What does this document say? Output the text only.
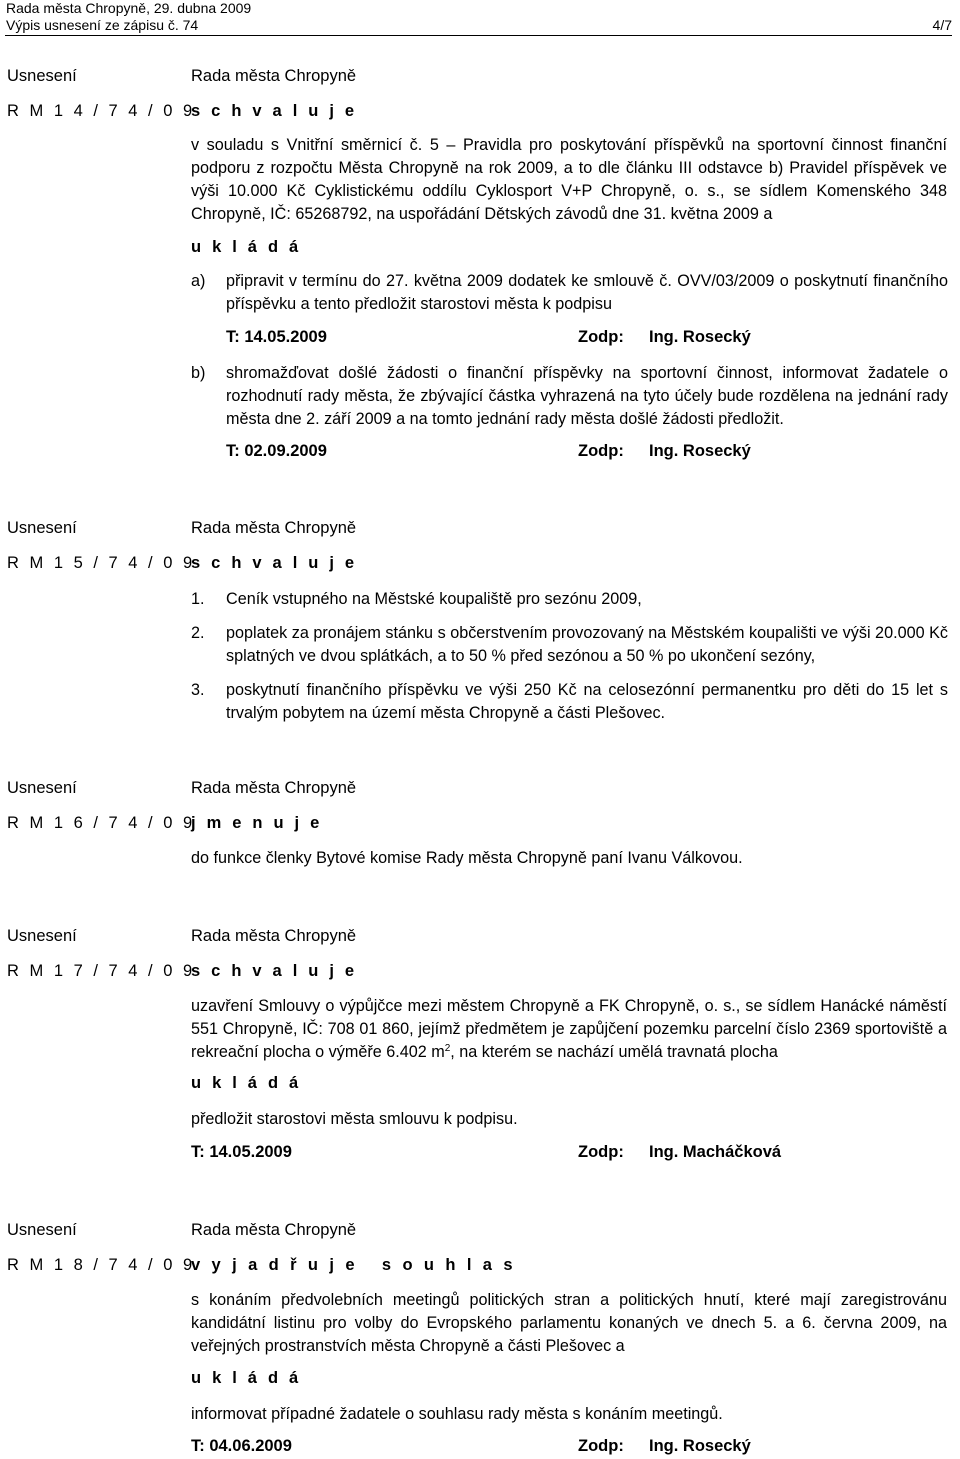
Rada města Chropyně, 29. dubna 2009
Výpis usnesení ze zápisu č. 74	4/7
Usnesení	Rada města Chropyně
R M 1 4 / 7 4 / 0 9
s c h v a l u j e
v souladu s Vnitřní směrnicí č. 5 – Pravidla pro poskytování příspěvků na sportovní činnost finanční podporu z rozpočtu Města Chropyně na rok 2009, a to dle článku III odstavce b) Pravidel příspěvek ve výši 10.000 Kč Cyklistickému oddílu Cyklosport V+P Chropyně, o. s., se sídlem Komenského 348 Chropyně, IČ: 65268792, na uspořádání Dětských závodů dne 31. května 2009 a
u k l á d á
a) připravit v termínu do 27. května 2009 dodatek ke smlouvě č. OVV/03/2009 o poskytnutí finančního příspěvku a tento předložit starostovi města k podpisu
T: 14.05.2009	Zodp: Ing. Rosecký
b) shromažďovat došlé žádosti o finanční příspěvky na sportovní činnost, informovat žadatele o rozhodnutí rady města, že zbývající částka vyhrazená na tyto účely bude rozdělena na jednání rady města dne 2. září 2009 a na tomto jednání rady města došlé žádosti předložit.
T: 02.09.2009	Zodp: Ing. Rosecký
Usnesení	Rada města Chropyně
R M 1 5 / 7 4 / 0 9
s c h v a l u j e
1. Ceník vstupného na Městské koupaliště pro sezónu 2009,
2. poplatek za pronájem stánku s občerstvením provozovaný na Městském koupališti ve výši 20.000 Kč splatných ve dvou splátkách, a to 50 % před sezónou a 50 % po ukončení sezóny,
3. poskytnutí finančního příspěvku ve výši 250 Kč na celosezónní permanentku pro děti do 15 let s trvalým pobytem na území města Chropyně a části Plešovec.
Usnesení	Rada města Chropyně
R M 1 6 / 7 4 / 0 9
j m e n u j e
do funkce členky Bytové komise Rady města Chropyně paní Ivanu Válkovou.
Usnesení	Rada města Chropyně
R M 1 7 / 7 4 / 0 9
s c h v a l u j e
uzavření Smlouvy o výpůjčce mezi městem Chropyně a FK Chropyně, o. s., se sídlem Hanácké náměstí 551 Chropyně, IČ: 708 01 860, jejímž předmětem je zapůjčení pozemku parcelní číslo 2369 sportoviště a rekreační plocha o výměře 6.402 $m^2$, na kterém se nachází umělá travnatá plocha
u k l á d á
předložit starostovi města smlouvu k podpisu.
T: 14.05.2009	Zodp: Ing. Macháčková
Usnesení	Rada města Chropyně
R M 1 8 / 7 4 / 0 9
v y j a d ř u j e   s o u h l a s
s konáním předvolebních meetingů politických stran a politických hnutí, které mají zaregistrovánu kandidátní listinu pro volby do Evropského parlamentu konaných ve dnech 5. a 6. června 2009, na veřejných prostranstvích města Chropyně a části Plešovec a
u k l á d á
informovat případné žadatele o souhlasu rady města s konáním meetingů.
T: 04.06.2009	Zodp: Ing. Rosecký
